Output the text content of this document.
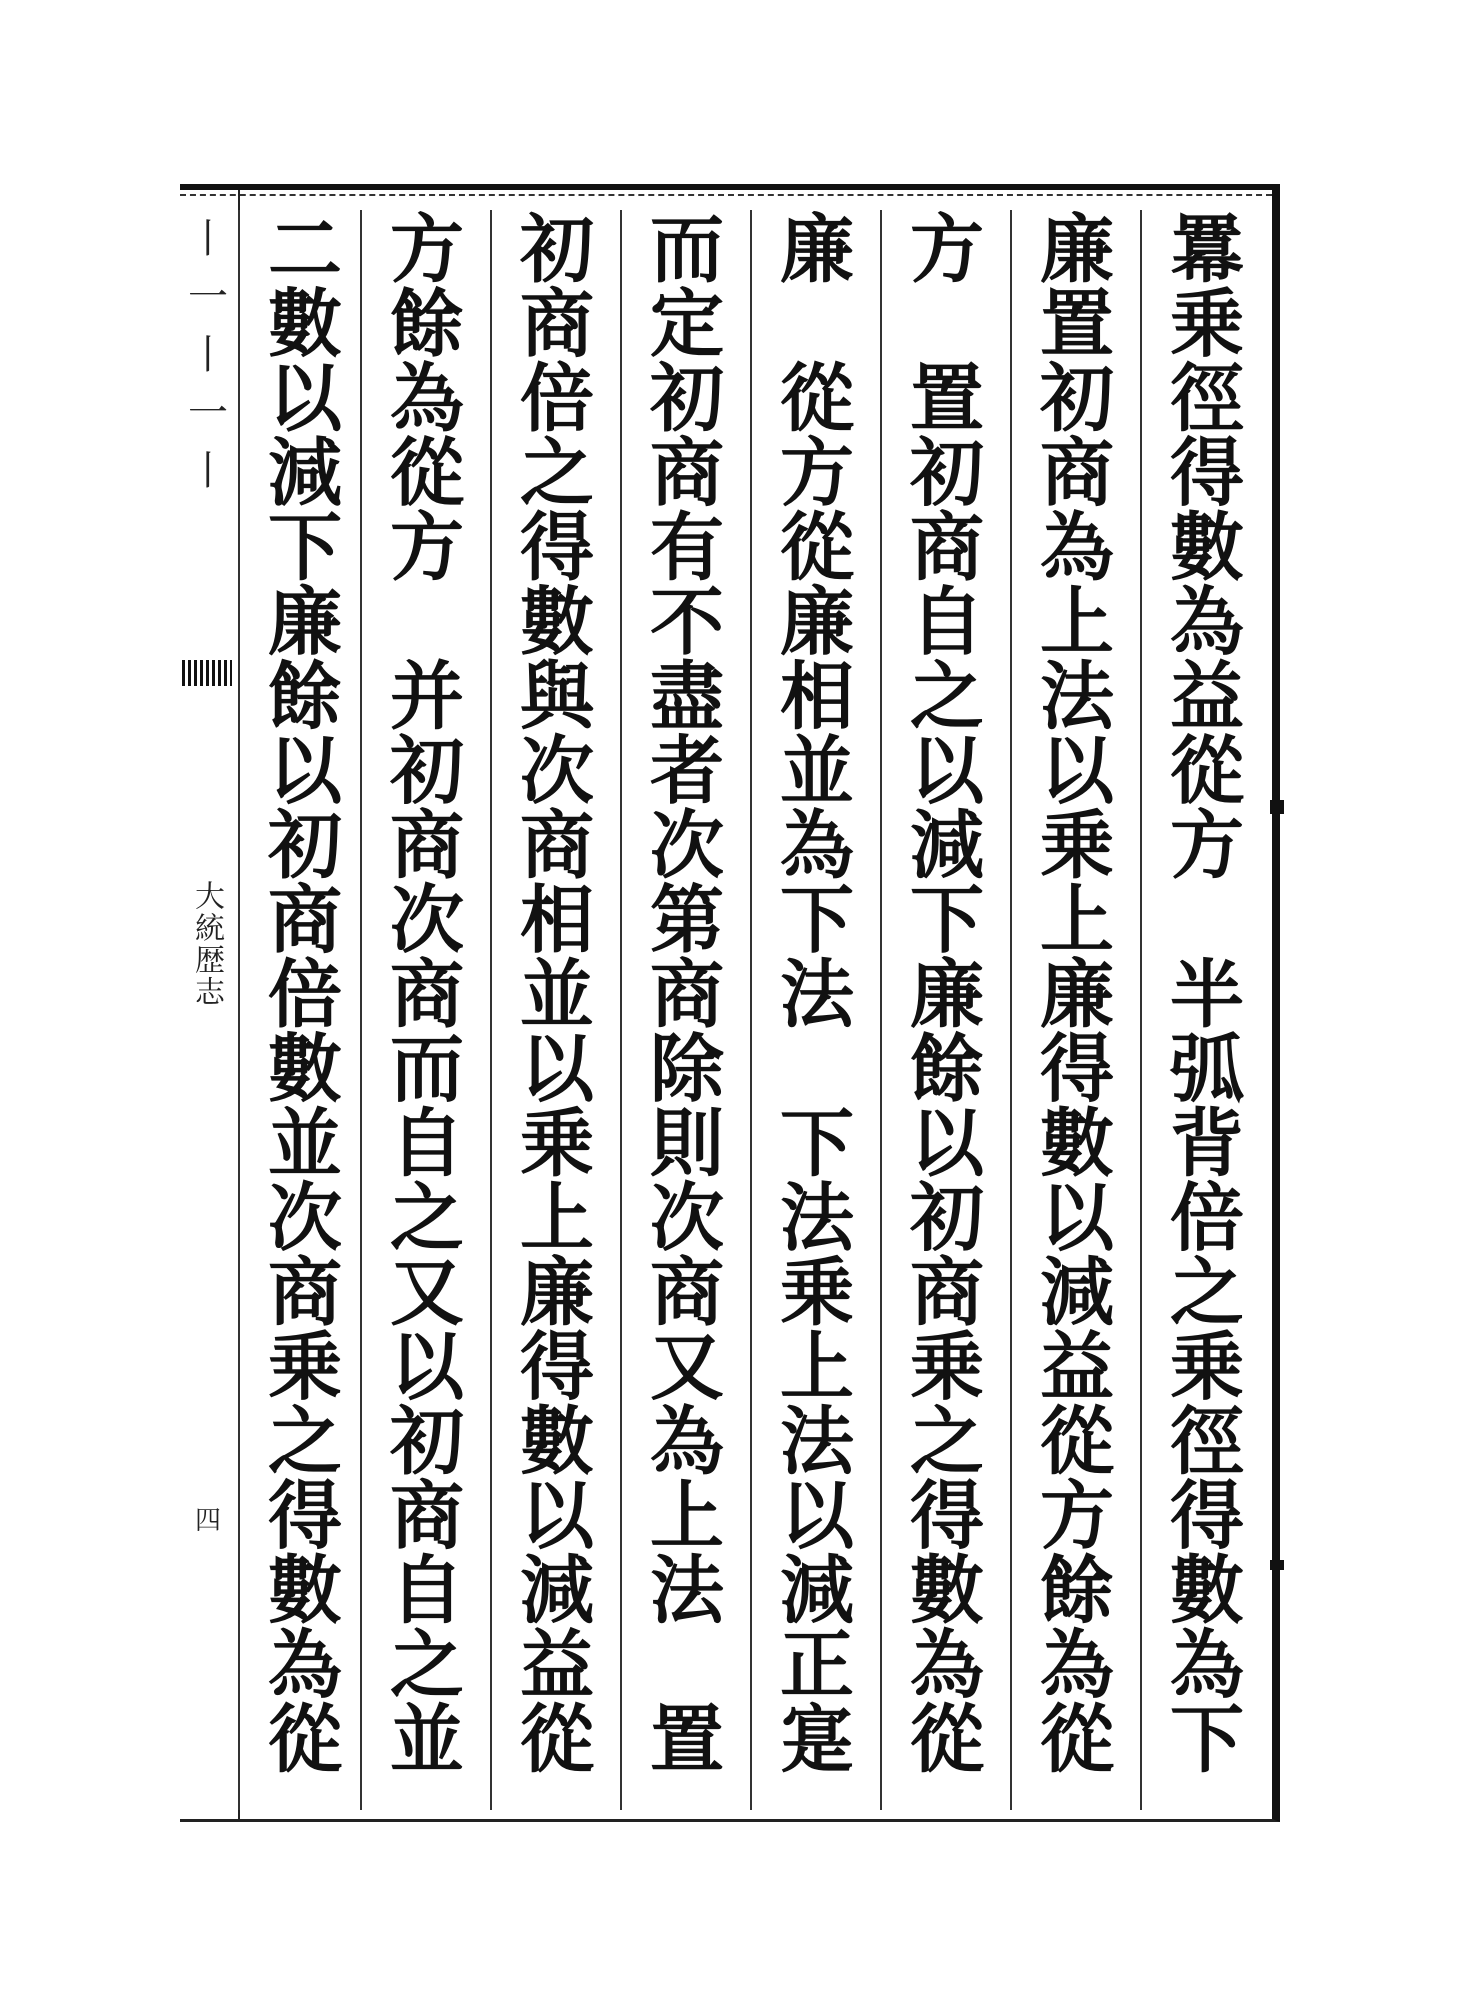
⼁
⼀
⼁
⼀
⼁
大統歴志
四	羃乗徑得數為益從方　半弧背倍之乗徑得數為下
廉置初商為上法以乗上廉得數以減益從方餘為從
方　置初商自之以減下廉餘以初商乗之得數為從
廉　從方從廉相並為下法　下法乗上法以減正寔
而定初商有不盡者次第商除則次商又為上法　置
初商倍之得數與次商相並以乗上廉得數以減益從
方餘為從方　并初商次商而自之又以初商自之並
二數以減下廉餘以初商倍數並次商乗之得數為從
